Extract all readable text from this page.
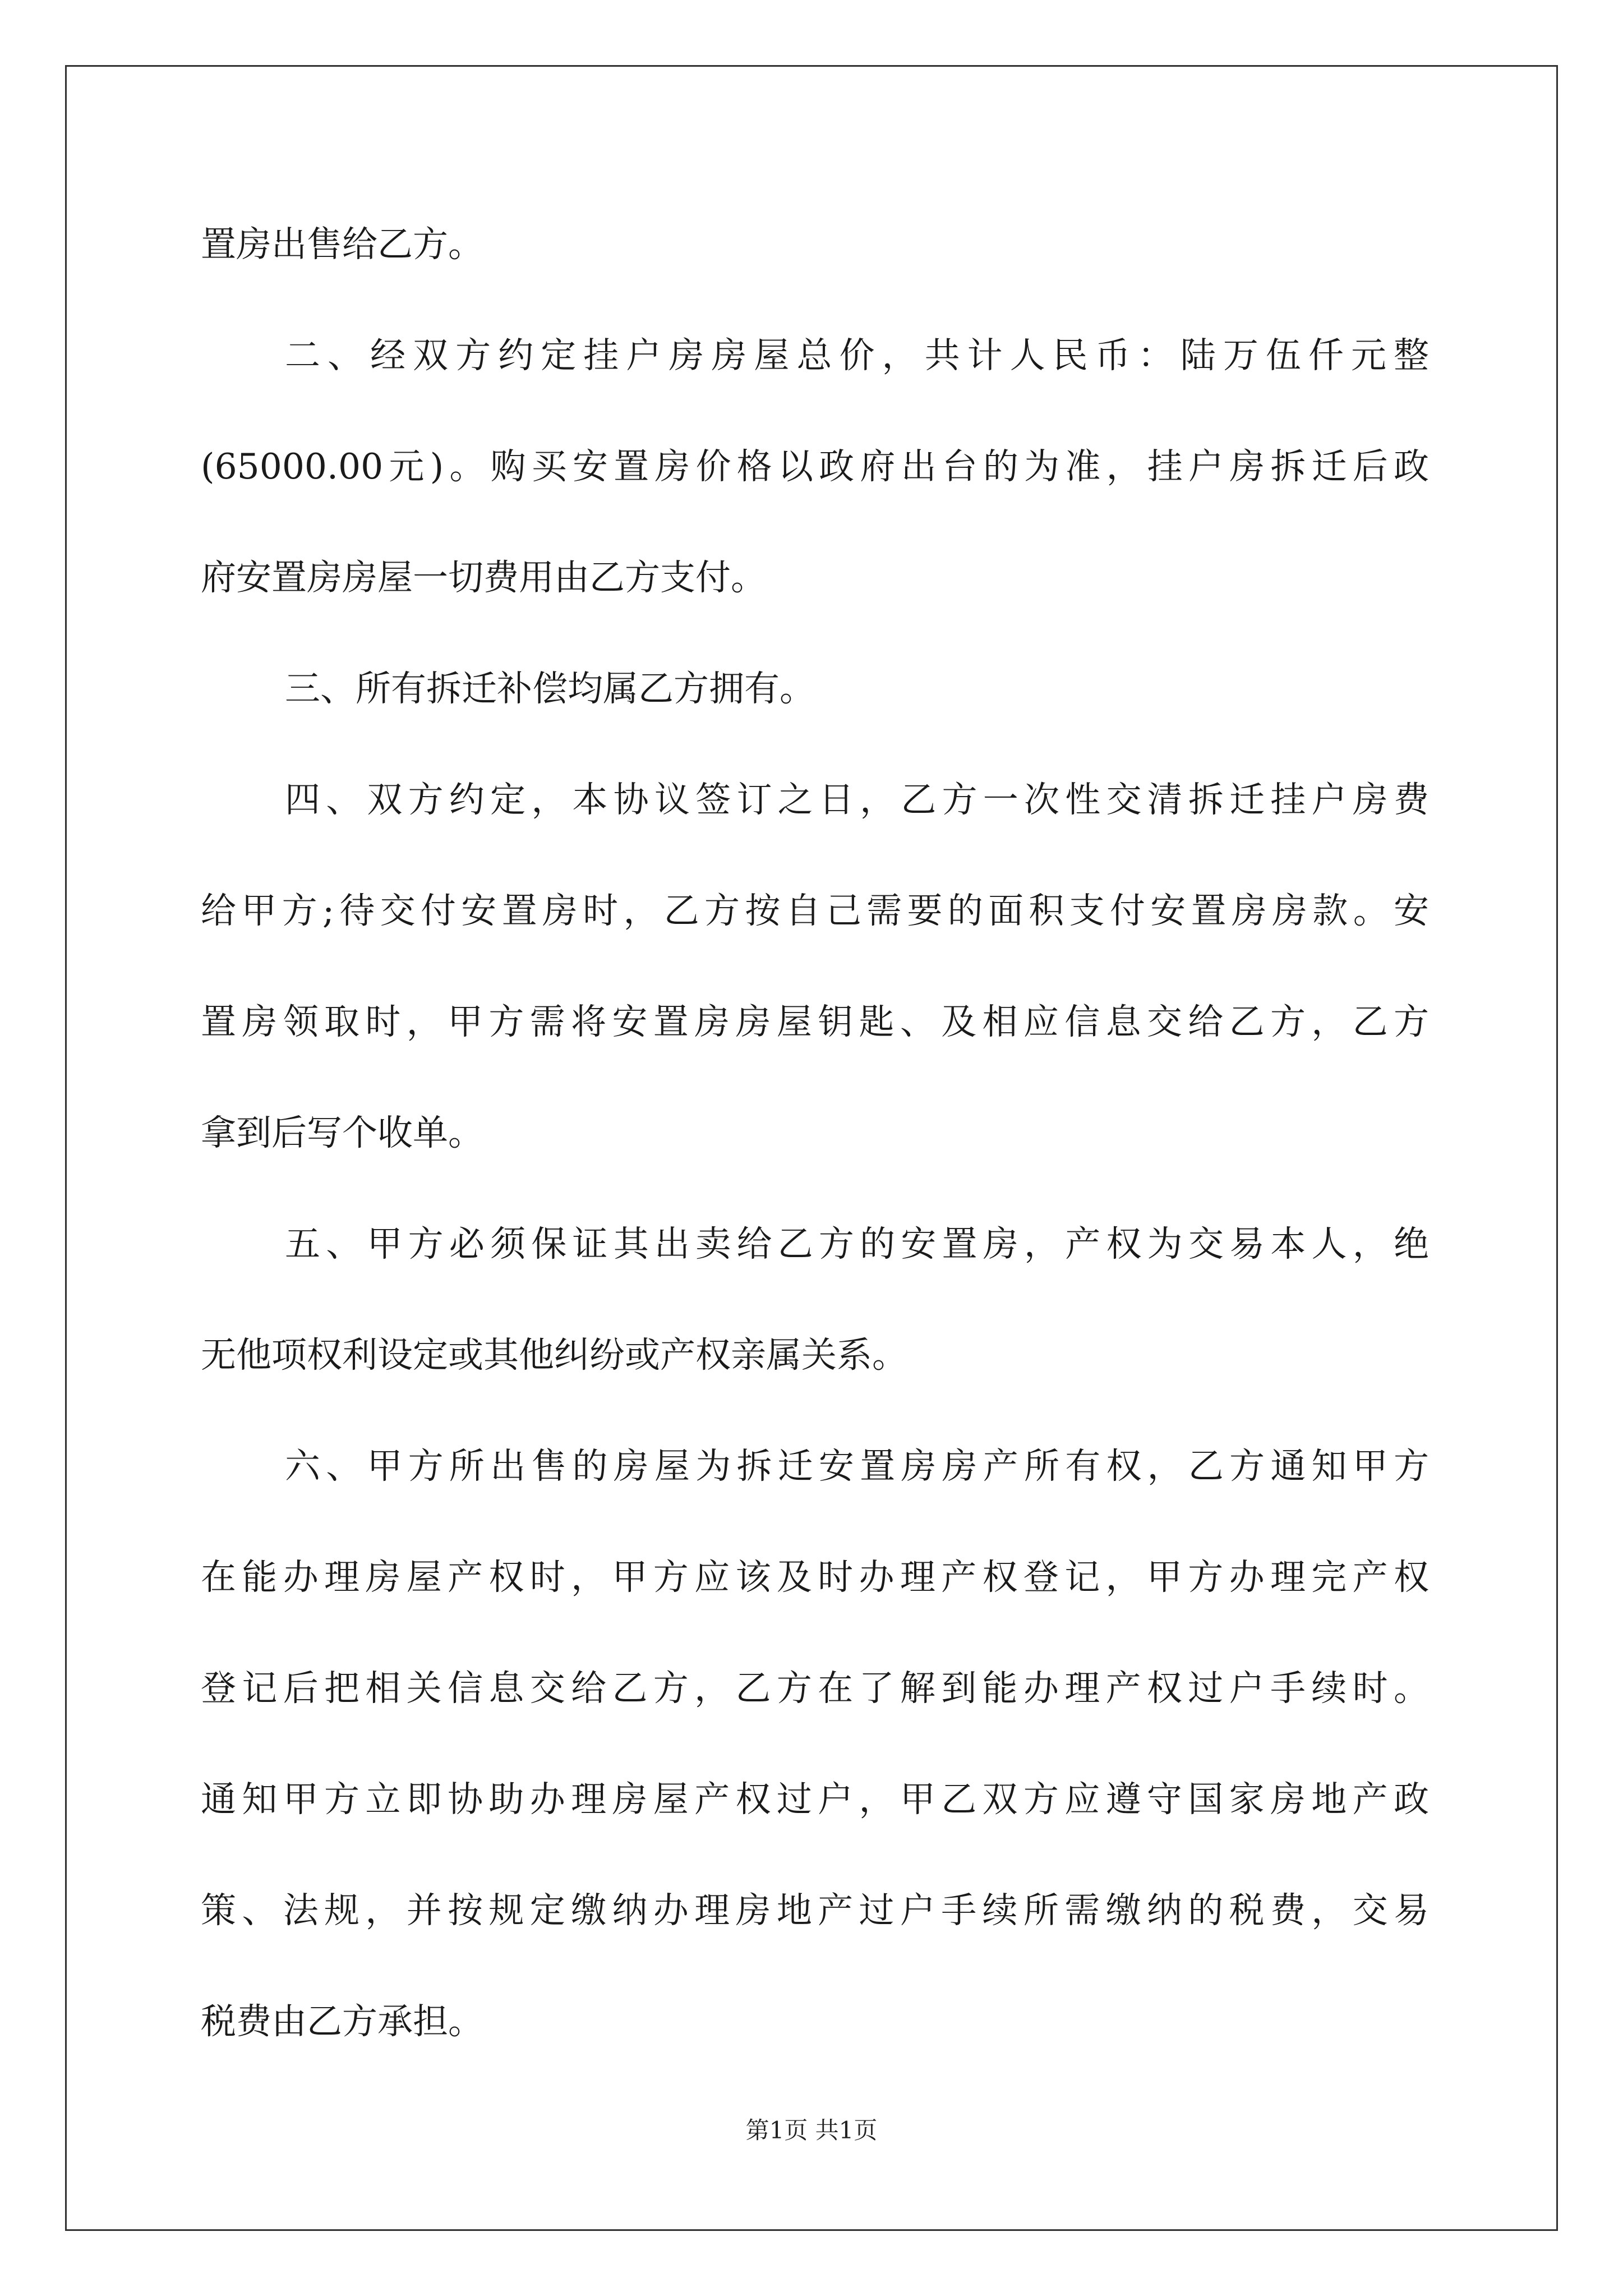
置房出售给乙方。
二、经双方约定挂户房房屋总价，共计人民币：陆万伍仟元整
(65000.00元)。购买安置房价格以政府出台的为准，挂户房拆迁后政
府安置房房屋一切费用由乙方支付。
三、所有拆迁补偿均属乙方拥有。
四、双方约定，本协议签订之日，乙方一次性交清拆迁挂户房费
给甲方;待交付安置房时，乙方按自己需要的面积支付安置房房款。安
置房领取时，甲方需将安置房房屋钥匙、及相应信息交给乙方，乙方
拿到后写个收单。
五、甲方必须保证其出卖给乙方的安置房，产权为交易本人，绝
无他项权利设定或其他纠纷或产权亲属关系。
六、甲方所出售的房屋为拆迁安置房房产所有权，乙方通知甲方
在能办理房屋产权时，甲方应该及时办理产权登记，甲方办理完产权
登记后把相关信息交给乙方，乙方在了解到能办理产权过户手续时。
通知甲方立即协助办理房屋产权过户，甲乙双方应遵守国家房地产政
策、法规，并按规定缴纳办理房地产过户手续所需缴纳的税费，交易
税费由乙方承担。
第1页 共1页
